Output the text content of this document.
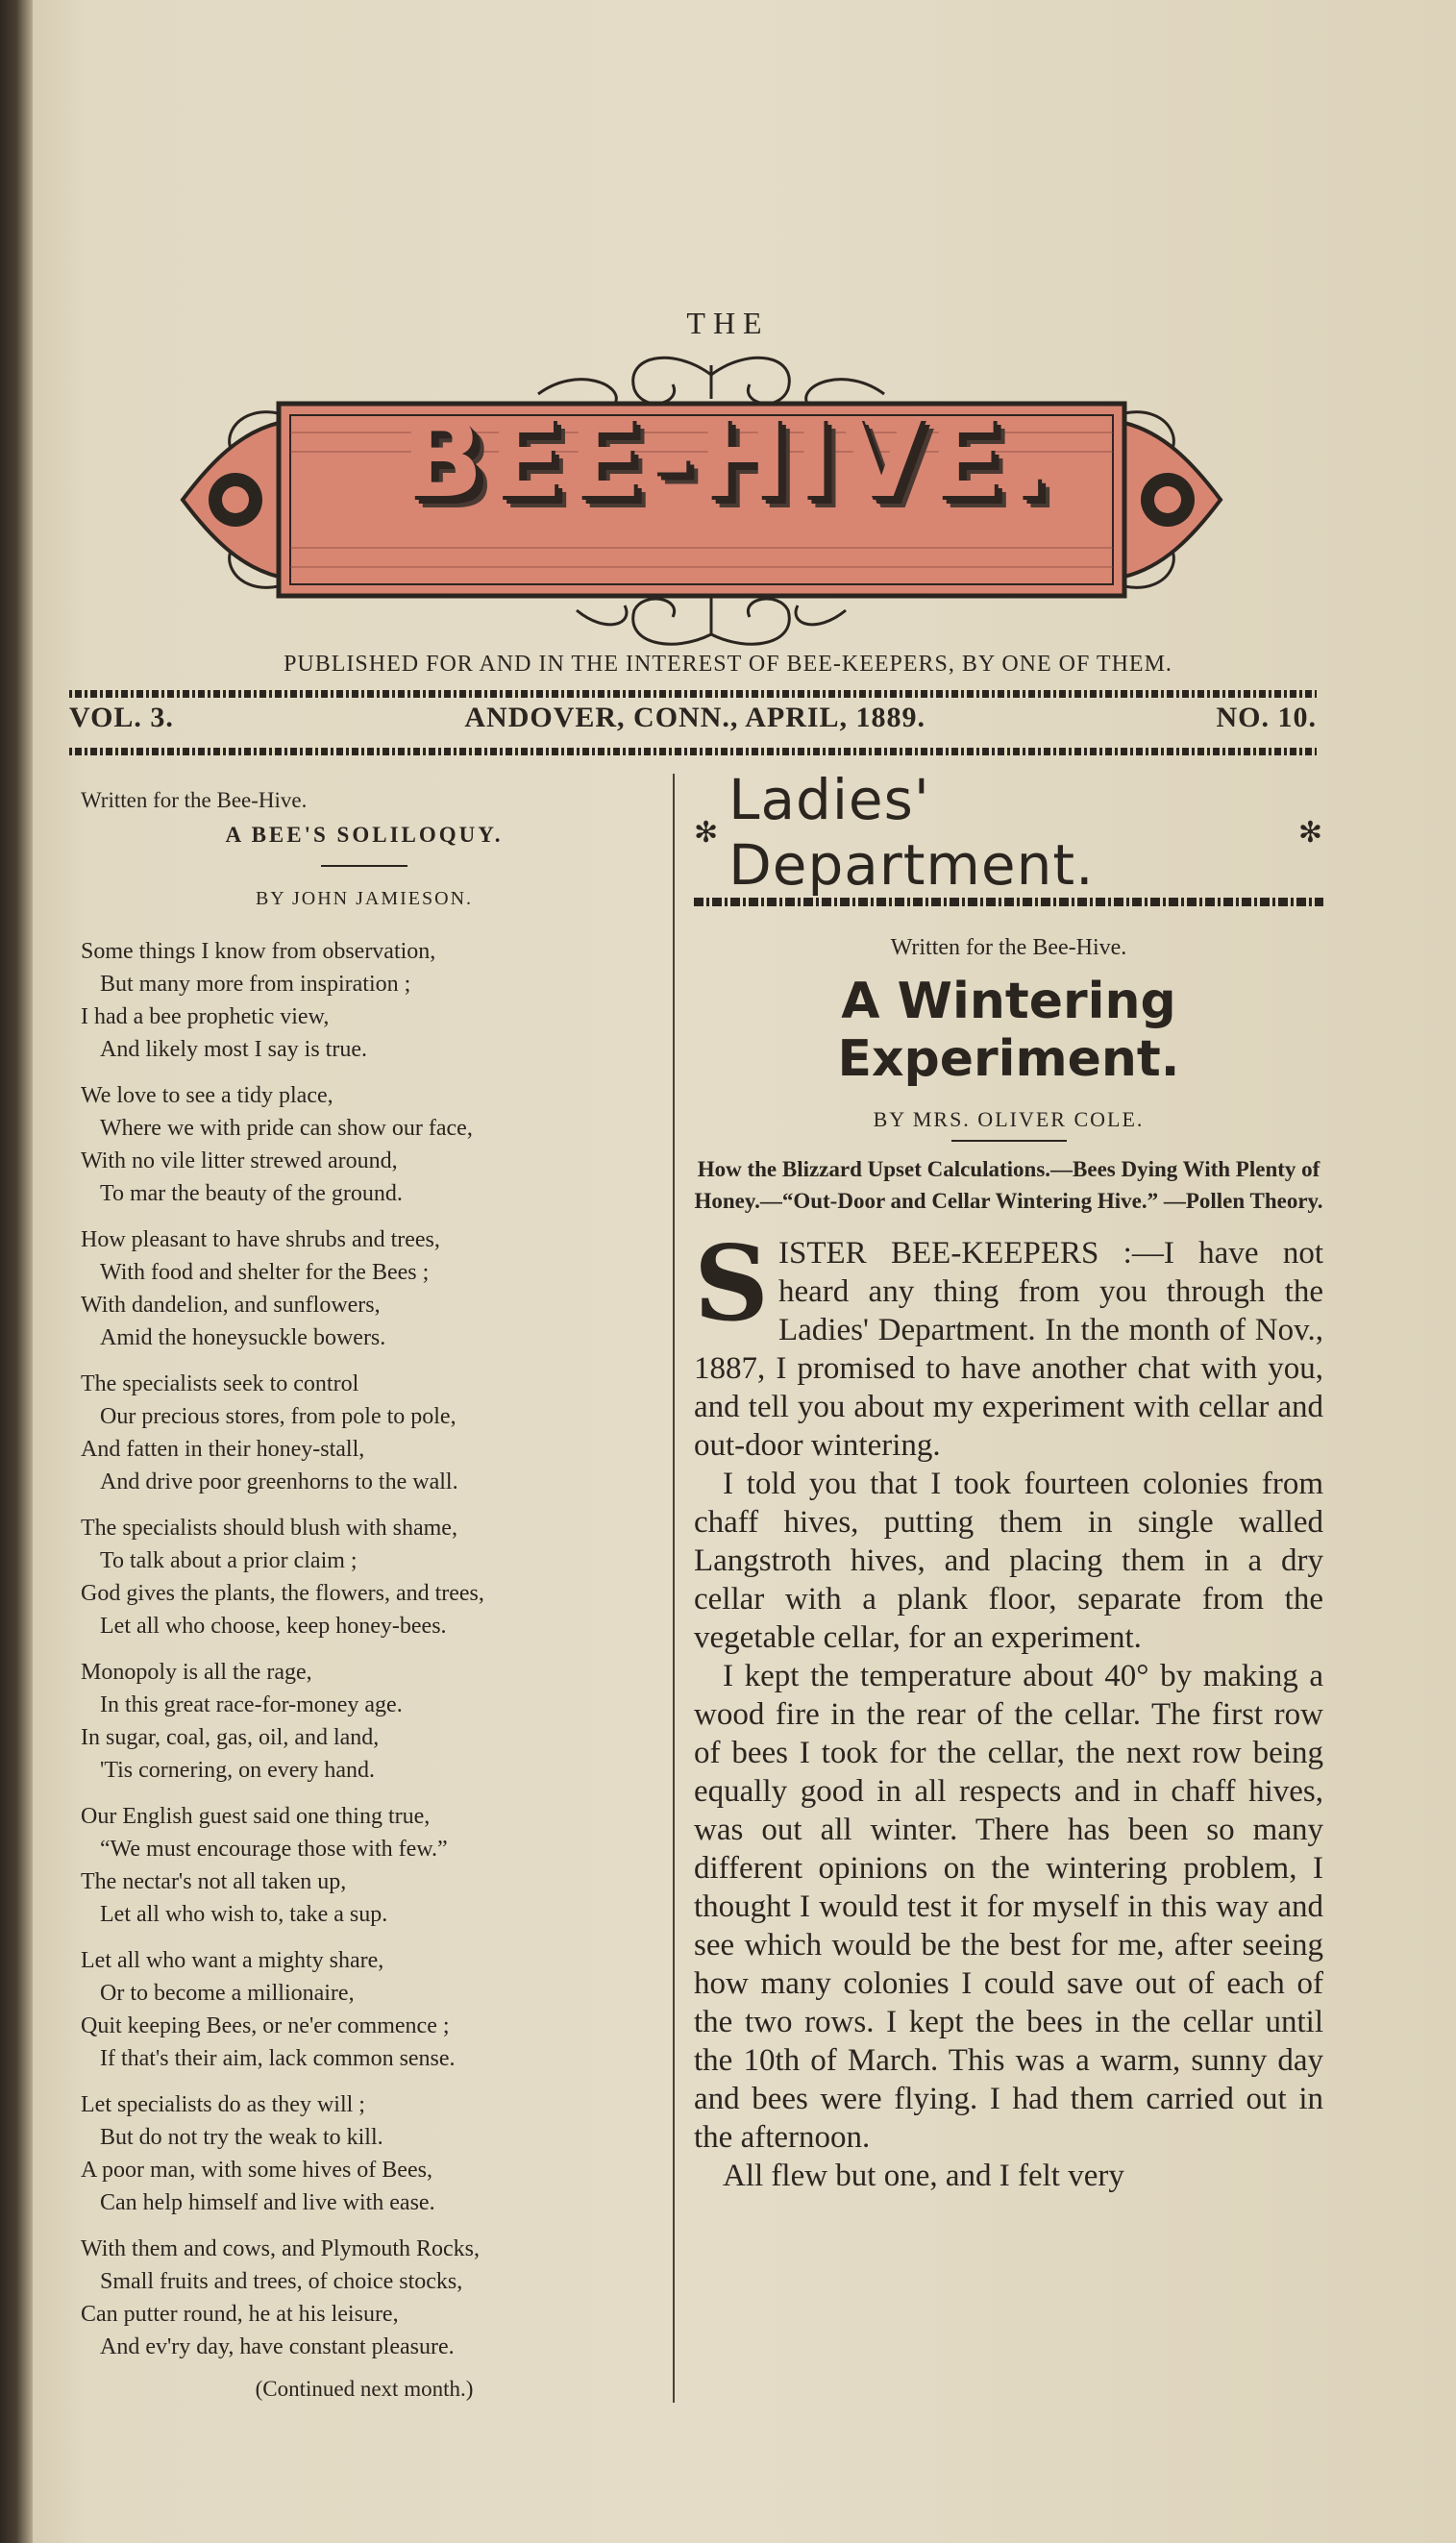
THE
BEE-HIVE.
PUBLISHED FOR AND IN THE INTEREST OF BEE-KEEPERS, BY ONE OF THEM.
VOL. 3.	ANDOVER, CONN., APRIL, 1889.	NO. 10.
Written for the Bee-Hive.
A BEE'S SOLILOQUY.
BY JOHN JAMIESON.
Some things I know from observation,
But many more from inspiration ;
I had a bee prophetic view,
And likely most I say is true.
We love to see a tidy place,
Where we with pride can show our face,
With no vile litter strewed around,
To mar the beauty of the ground.
How pleasant to have shrubs and trees,
With food and shelter for the Bees ;
With dandelion, and sunflowers,
Amid the honeysuckle bowers.
The specialists seek to control
Our precious stores, from pole to pole,
And fatten in their honey-stall,
And drive poor greenhorns to the wall.
The specialists should blush with shame,
To talk about a prior claim ;
God gives the plants, the flowers, and trees,
Let all who choose, keep honey-bees.
Monopoly is all the rage,
In this great race-for-money age.
In sugar, coal, gas, oil, and land,
'Tis cornering, on every hand.
Our English guest said one thing true,
“We must encourage those with few.”
The nectar's not all taken up,
Let all who wish to, take a sup.
Let all who want a mighty share,
Or to become a millionaire,
Quit keeping Bees, or ne'er commence ;
If that's their aim, lack common sense.
Let specialists do as they will ;
But do not try the weak to kill.
A poor man, with some hives of Bees,
Can help himself and live with ease.
With them and cows, and Plymouth Rocks,
Small fruits and trees, of choice stocks,
Can putter round, he at his leisure,
And ev'ry day, have constant pleasure.
(Continued next month.)
✻ Ladies' Department.	✻
Written for the Bee-Hive.
A Wintering Experiment.
BY MRS. OLIVER COLE.
How the Blizzard Upset Calculations.—Bees Dying With Plenty of Honey.—“Out-Door and Cellar Wintering Hive.” —Pollen Theory.

SISTER BEE-KEEPERS :—I have not heard any thing from you through the Ladies' Department. In the month of Nov., 1887, I promised to have another chat with you, and tell you about my experiment with cellar and out-door wintering.

I told you that I took fourteen colonies from chaff hives, putting them in single walled Langstroth hives, and placing them in a dry cellar with a plank floor, separate from the vegetable cellar, for an experiment.

I kept the temperature about 40° by making a wood fire in the rear of the cellar. The first row of bees I took for the cellar, the next row being equally good in all respects and in chaff hives, was out all winter. There has been so many different opinions on the wintering problem, I thought I would test it for myself in this way and see which would be the best for me, after seeing how many colonies I could save out of each of the two rows. I kept the bees in the cellar until the 10th of March. This was a warm, sunny day and bees were flying. I had them carried out in the afternoon.

All flew but one, and I felt very
